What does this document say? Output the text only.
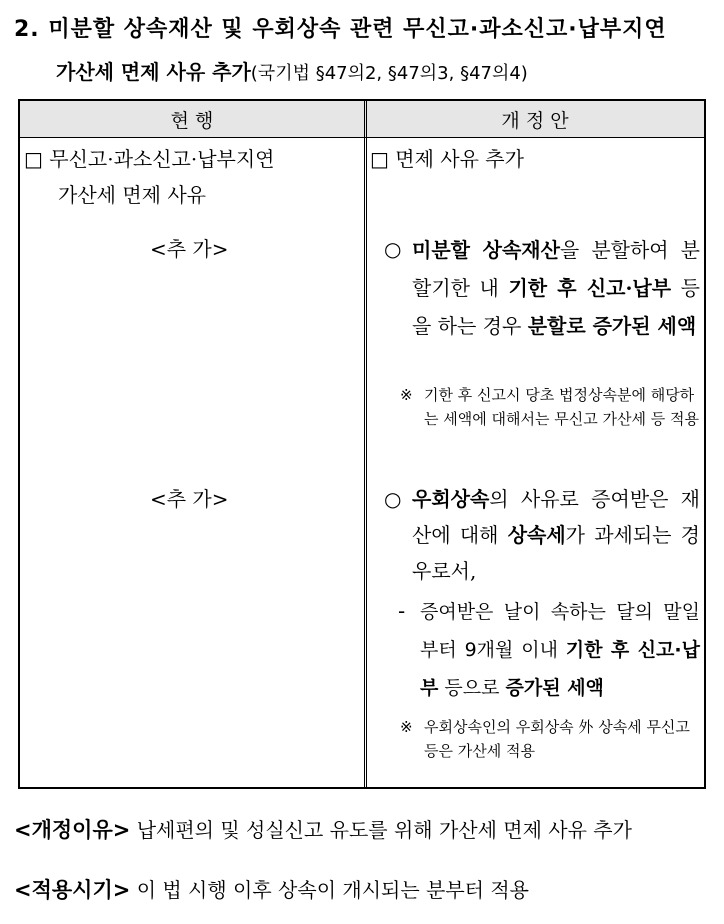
2. 미분할 상속재산 및 우회상속 관련 무신고·과소신고·납부지연
가산세 면제 사유 추가(국기법 §47의2, §47의3, §47의4)
현 행	개 정 안
□ 무신고·과소신고·납부지연
가산세 면제 사유
<추 가>
<추 가>
□ 면제 사유 추가
○ 미분할 상속재산을 분할하여 분할기한 내 기한 후 신고·납부 등을 하는 경우 분할로 증가된 세액
※ 기한 후 신고시 당초 법정상속분에 해당하는 세액에 대해서는 무신고 가산세 등 적용
○ 우회상속의 사유로 증여받은 재산에 대해 상속세가 과세되는 경우로서,
- 증여받은 날이 속하는 달의 말일부터 9개월 이내 기한 후 신고·납부 등으로 증가된 세액
※ 우회상속인의 우회상속 外 상속세 무신고 등은 가산세 적용
<개정이유> 납세편의 및 성실신고 유도를 위해 가산세 면제 사유 추가
<적용시기> 이 법 시행 이후 상속이 개시되는 분부터 적용
